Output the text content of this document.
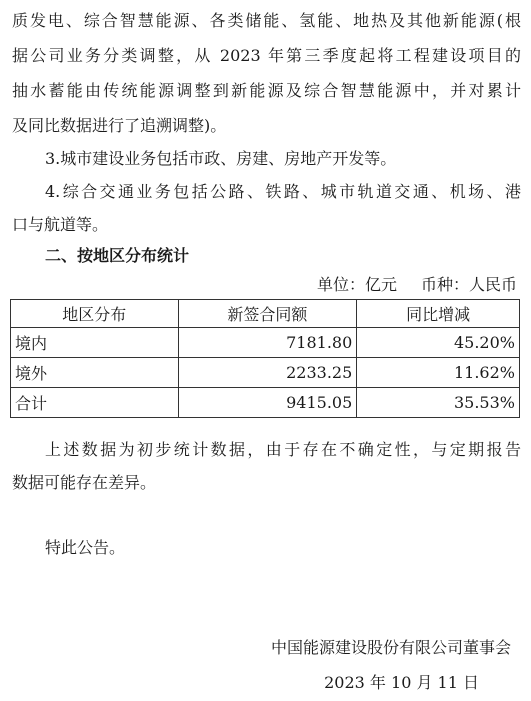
质发电、综合智慧能源、各类储能、氢能、地热及其他新能源(根
据公司业务分类调整，从 2023 年第三季度起将工程建设项目的
抽水蓄能由传统能源调整到新能源及综合智慧能源中，并对累计
及同比数据进行了追溯调整)。
3.城市建设业务包括市政、房建、房地产开发等。
4.综合交通业务包括公路、铁路、城市轨道交通、机场、港
口与航道等。
二、按地区分布统计
单位：亿元 币种：人民币
地区分布	新签合同额	同比增减
境内	7181.80	45.20%
境外	2233.25	11.62%
合计	9415.05	35.53%
上述数据为初步统计数据，由于存在不确定性，与定期报告
数据可能存在差异。
特此公告。
中国能源建设股份有限公司董事会
2023 年 10 月 11 日
